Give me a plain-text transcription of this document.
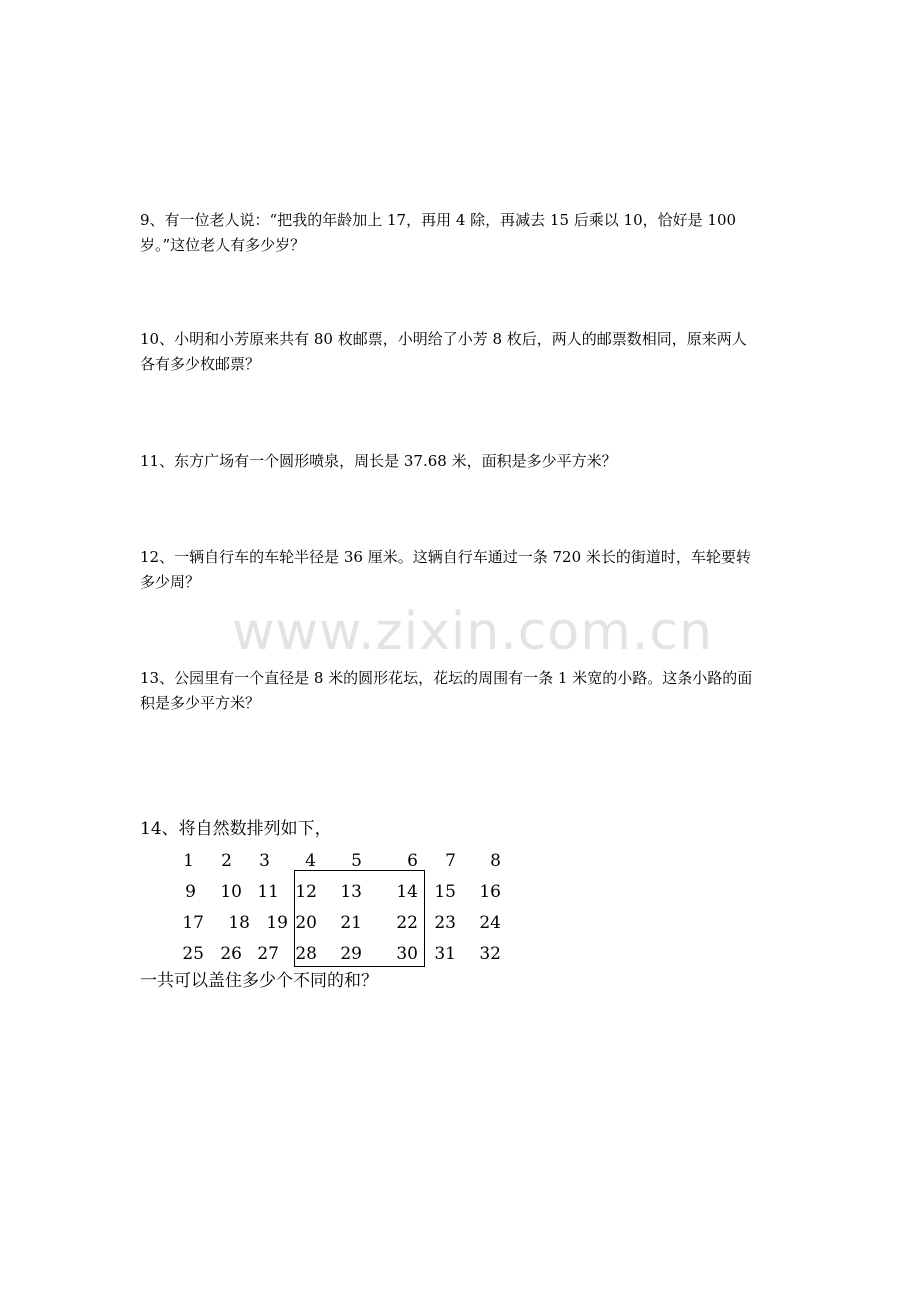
9、有一位老人说：“把我的年龄加上 17，再用 4 除，再减去 15 后乘以 10，恰好是 100
岁。”这位老人有多少岁？
10、小明和小芳原来共有 80 枚邮票，小明给了小芳 8 枚后，两人的邮票数相同，原来两人
各有多少枚邮票？
11、东方广场有一个圆形喷泉，周长是 37.68 米，面积是多少平方米？
12、一辆自行车的车轮半径是 36 厘米。这辆自行车通过一条 720 米长的街道时，车轮要转
多少周？
13、公园里有一个直径是 8 米的圆形花坛，花坛的周围有一条 1 米宽的小路。这条小路的面
积是多少平方米？
14、将自然数排列如下，
1	2	3	4	5	6	7	8
9	10 11 12	13	14 15	16
17	18 19 20	21	22 23	24
25 26 27 28	29	30 31	32
一共可以盖住多少个不同的和？
www.zixin.com.cn
